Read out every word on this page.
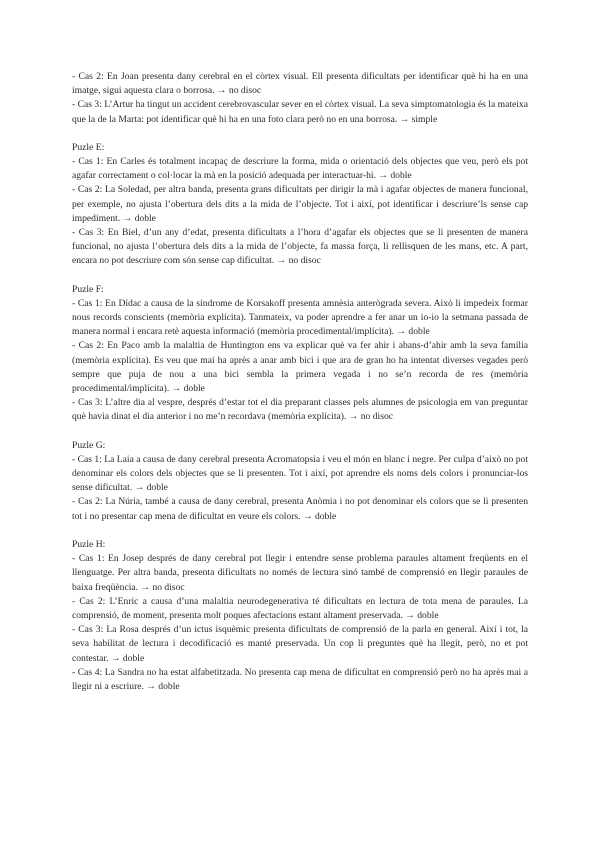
- Cas 2: En Joan presenta dany cerebral en el còrtex visual. Ell presenta dificultats per identificar què hi ha en una imatge, sigui aquesta clara o borrosa. → no disoc

- Cas 3: L’Artur ha tingut un accident cerebrovascular sever en el còrtex visual. La seva simptomatologia és la mateixa que la de la Marta: pot identificar què hi ha en una foto clara però no en una borrosa. → simple

Puzle E:

- Cas 1: En Carles és totalment incapaç de descriure la forma, mida o orientació dels objectes que veu, però els pot agafar correctament o col·locar la mà en la posició adequada per interactuar-hi. → doble

- Cas 2: La Soledad, per altra banda, presenta grans dificultats per dirigir la mà i agafar objectes de manera funcional, per exemple, no ajusta l’obertura dels dits a la mida de l’objecte. Tot i així, pot identificar i descriure’ls sense cap impediment. → doble

- Cas 3: En Biel, d’un any d’edat, presenta dificultats a l’hora d’agafar els objectes que se li presenten de manera funcional, no ajusta l’obertura dels dits a la mida de l’objecte, fa massa força, li rellisquen de les mans, etc. A part, encara no pot descriure com són sense cap dificultat. → no disoc

Puzle F:

- Cas 1: En Dídac a causa de la síndrome de Korsakoff presenta amnèsia anterògrada severa. Això li impedeix formar nous records conscients (memòria explícita). Tanmateix, va poder aprendre a fer anar un io-io la setmana passada de manera normal i encara retè aquesta informació (memòria procedimental/implícita). → doble

- Cas 2: En Paco amb la malaltia de Huntington ens va explicar què va fer ahir i abans-d’ahir amb la seva família (memòria explícita). Es veu que mai ha après a anar amb bici i que ara de gran ho ha intentat diverses vegades però sempre que puja de nou a una bici sembla la primera vegada i no se’n recorda de res (memòria procedimental/implícita). → doble

- Cas 3: L’altre dia al vespre, després d’estar tot el dia preparant classes pels alumnes de psicologia em van preguntar què havia dinat el dia anterior i no me’n recordava (memòria explícita). → no disoc

Puzle G:

- Cas 1: La Laia a causa de dany cerebral presenta Acromatopsia i veu el món en blanc i negre. Per culpa d’això no pot denominar els colors dels objectes que se li presenten. Tot i així, pot aprendre els noms dels colors i pronunciar-los sense dificultat. → doble

- Cas 2: La Núria, també a causa de dany cerebral, presenta Anòmia i no pot denominar els colors que se li presenten tot i no presentar cap mena de dificultat en veure els colors. → doble

Puzle H:

- Cas 1: En Josep després de dany cerebral pot llegir i entendre sense problema paraules altament freqüents en el llenguatge. Per altra banda, presenta dificultats no només de lectura sinó també de comprensió en llegir paraules de baixa freqüència. → no disoc

- Cas 2: L’Enric a causa d’una malaltia neurodegenerativa té dificultats en lectura de tota mena de paraules. La comprensió, de moment, presenta molt poques afectacions estant altament preservada. → doble

- Cas 3: La Rosa després d’un ictus isquèmic presenta dificultats de comprensió de la parla en general. Així i tot, la seva habilitat de lectura i decodificació es manté preservada. Un cop li preguntes què ha llegit, però, no et pot contestar. → doble

- Cas 4: La Sandra no ha estat alfabetitzada. No presenta cap mena de dificultat en comprensió però no ha après mai a llegir ni a escriure. → doble
